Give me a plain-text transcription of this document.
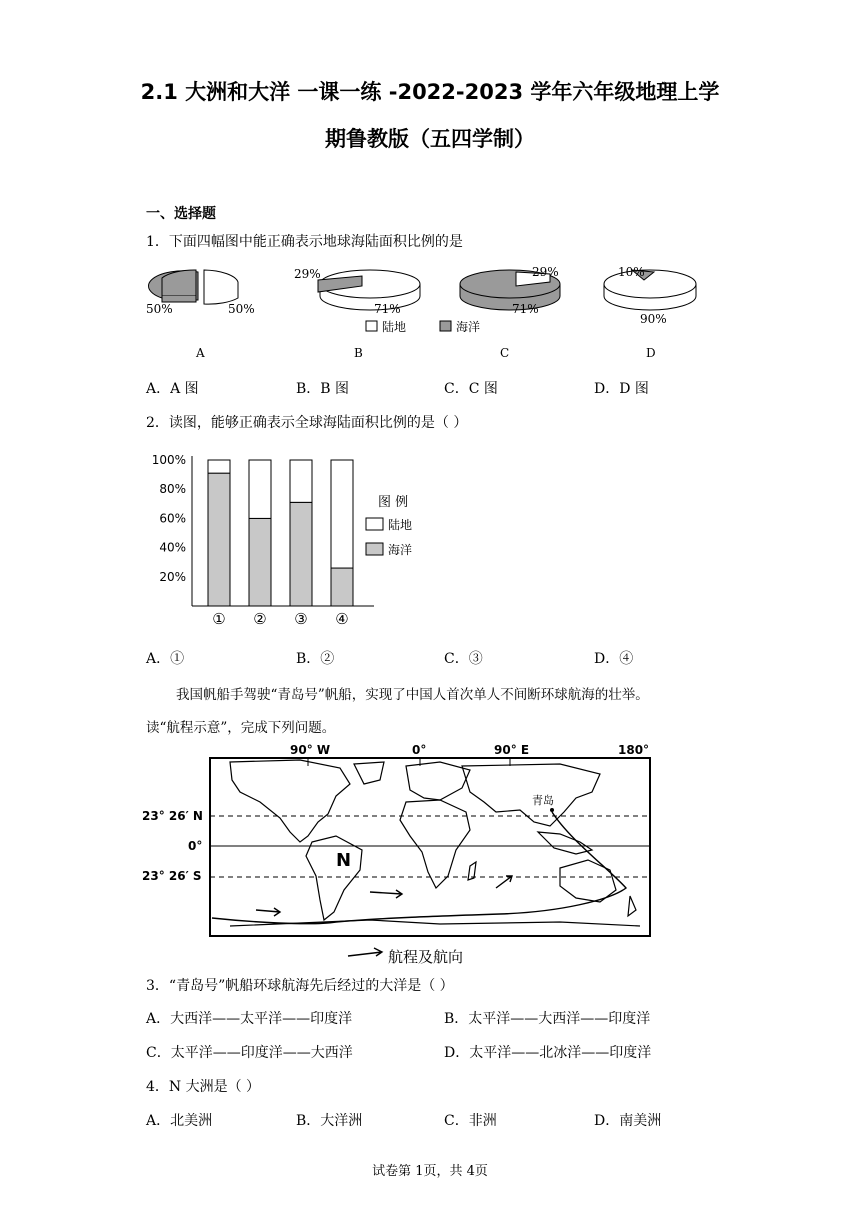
2.1 大洲和大洋 一课一练 -2022-2023 学年六年级地理上学
期鲁教版（五四学制）
一、选择题
1．下面四幅图中能正确表示地球海陆面积比例的是
50%	50%
29%
71%
29%
71%
10%
90%
陆地	海洋
A	B	C	D
A．A 图	B．B 图	C．C 图	D．D 图
2．读图，能够正确表示全球海陆面积比例的是（ ）
20%
40%
60%
80%
100%
① ② ③ ④
图 例
陆地
海洋
A．①	B．②	C．③	D．④
我国帆船手驾驶“青岛号”帆船，实现了中国人首次单人不间断环球航海的壮举。
读“航程示意”，完成下列问题。
90° W	0°	90° E	180°
23° 26′ N
0°
23° 26′ S
N
青岛
航程及航向
3．“青岛号”帆船环球航海先后经过的大洋是（ ）
A．大西洋——太平洋——印度洋	B．太平洋——大西洋——印度洋
C．太平洋——印度洋——大西洋	D．太平洋——北冰洋——印度洋
4．N 大洲是（ ）
A．北美洲	B．大洋洲	C．非洲	D．南美洲
试卷第 1页，共 4页
